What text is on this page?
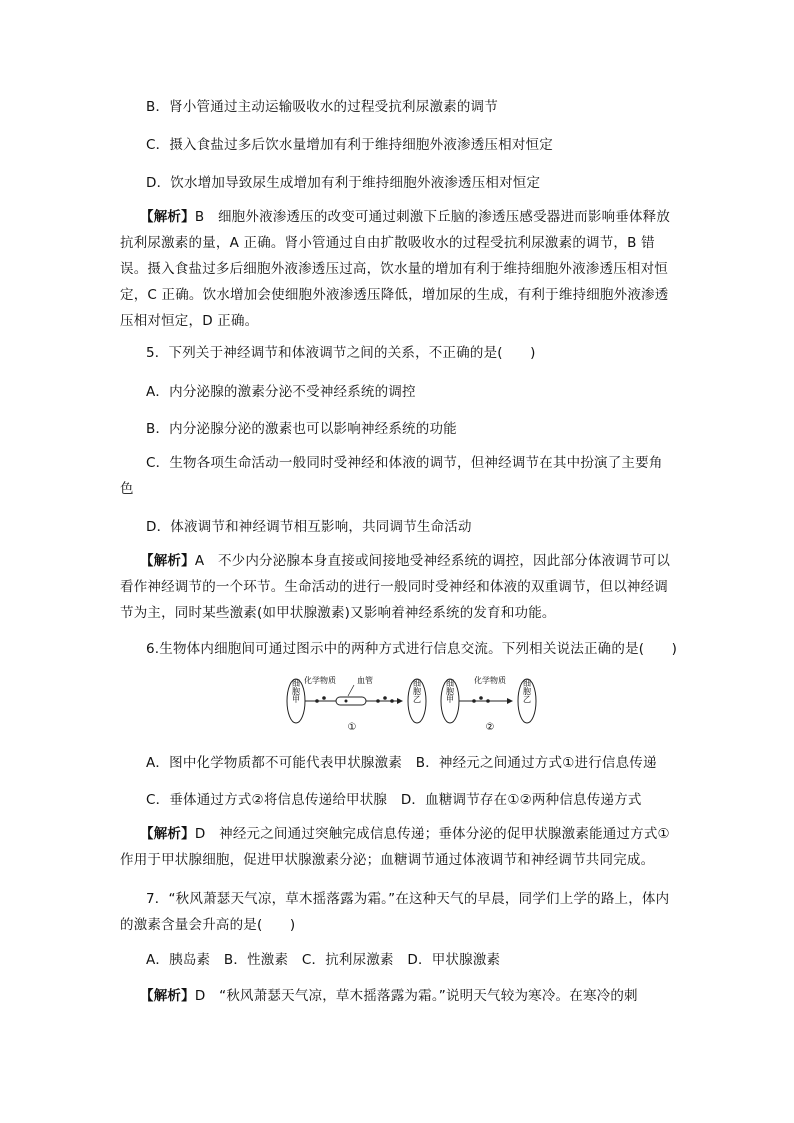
B．肾小管通过主动运输吸收水的过程受抗利尿激素的调节
C．摄入食盐过多后饮水量增加有利于维持细胞外液渗透压相对恒定
D．饮水增加导致尿生成增加有利于维持细胞外液渗透压相对恒定
【解析】B　细胞外液渗透压的改变可通过刺激下丘脑的渗透压感受器进而影响垂体释放抗利尿激素的量，A 正确。肾小管通过自由扩散吸收水的过程受抗利尿激素的调节，B 错误。摄入食盐过多后细胞外液渗透压过高，饮水量的增加有利于维持细胞外液渗透压相对恒定，C 正确。饮水增加会使细胞外液渗透压降低，增加尿的生成，有利于维持细胞外液渗透压相对恒定，D 正确。
5．下列关于神经调节和体液调节之间的关系，不正确的是(　　)
A．内分泌腺的激素分泌不受神经系统的调控
B．内分泌腺分泌的激素也可以影响神经系统的功能
C．生物各项生命活动一般同时受神经和体液的调节，但神经调节在其中扮演了主要角色
D．体液调节和神经调节相互影响，共同调节生命活动
【解析】A　不少内分泌腺本身直接或间接地受神经系统的调控，因此部分体液调节可以看作神经调节的一个环节。生命活动的进行一般同时受神经和体液的双重调节，但以神经调节为主，同时某些激素(如甲状腺激素)又影响着神经系统的发育和功能。
6.生物体内细胞间可通过图示中的两种方式进行信息交流。下列相关说法正确的是(　　)
细胞甲 化学物质	血管	细胞乙
①
细胞甲 化学物质 细胞乙
②
A．图中化学物质都不可能代表甲状腺激素　B．神经元之间通过方式①进行信息传递
C．垂体通过方式②将信息传递给甲状腺　D．血糖调节存在①②两种信息传递方式
【解析】D　神经元之间通过突触完成信息传递；垂体分泌的促甲状腺激素能通过方式①作用于甲状腺细胞，促进甲状腺激素分泌；血糖调节通过体液调节和神经调节共同完成。
7．“秋风萧瑟天气凉，草木摇落露为霜。”在这种天气的早晨，同学们上学的路上，体内的激素含量会升高的是(　　)
A．胰岛素　B．性激素　C．抗利尿激素　D．甲状腺激素
【解析】D　“秋风萧瑟天气凉，草木摇落露为霜。”说明天气较为寒冷。在寒冷的刺
